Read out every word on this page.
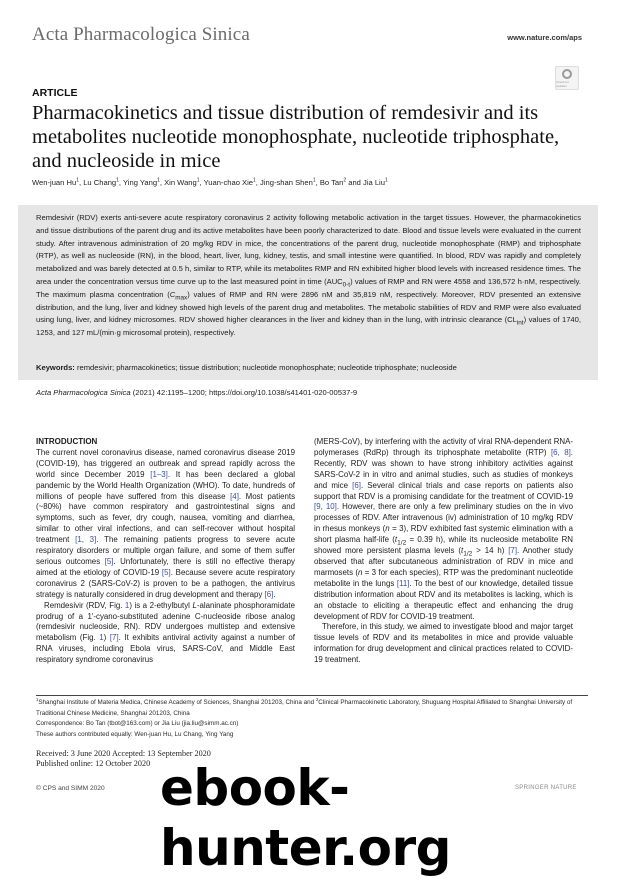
Acta Pharmacologica Sinica	www.nature.com/aps
Check for updates
ARTICLE
Pharmacokinetics and tissue distribution of remdesivir and its metabolites nucleotide monophosphate, nucleotide triphosphate, and nucleoside in mice
Wen-juan Hu$^1$, Lu Chang$^1$, Ying Yang$^1$, Xin Wang$^1$, Yuan-chao Xie$^1$, Jing-shan Shen$^1$, Bo Tan$^2$ and Jia Liu$^1$
Remdesivir (RDV) exerts anti-severe acute respiratory coronavirus 2 activity following metabolic activation in the target tissues. However, the pharmacokinetics and tissue distributions of the parent drug and its active metabolites have been poorly characterized to date. Blood and tissue levels were evaluated in the current study. After intravenous administration of 20 mg/kg RDV in mice, the concentrations of the parent drug, nucleotide monophosphate (RMP) and triphosphate (RTP), as well as nucleoside (RN), in the blood, heart, liver, lung, kidney, testis, and small intestine were quantified. In blood, RDV was rapidly and completely metabolized and was barely detected at 0.5 h, similar to RTP, while its metabolites RMP and RN exhibited higher blood levels with increased residence times. The area under the concentration versus time curve up to the last measured point in time $(AUC_{0-t})$ values of RMP and RN were 4558 and 136,572 h·nM, respectively. The maximum plasma concentration $(C_{max})$ values of RMP and RN were 2896 nM and 35,819 nM, respectively. Moreover, RDV presented an extensive distribution, and the lung, liver and kidney showed high levels of the parent drug and metabolites. The metabolic stabilities of RDV and RMP were also evaluated using lung, liver, and kidney microsomes. RDV showed higher clearances in the liver and kidney than in the lung, with intrinsic clearance $(CL_{int})$ values of 1740, 1253, and 127 mL/(min·g microsomal protein), respectively.
Keywords: remdesivir; pharmacokinetics; tissue distribution; nucleotide monophosphate; nucleotide triphosphate; nucleoside
Acta Pharmacologica Sinica (2021) 42:1195–1200; https://doi.org/10.1038/s41401-020-00537-9
INTRODUCTION

The current novel coronavirus disease, named coronavirus disease 2019 (COVID-19), has triggered an outbreak and spread rapidly across the world since December 2019 [1–3]. It has been declared a global pandemic by the World Health Organization (WHO). To date, hundreds of millions of people have suffered from this disease [4]. Most patients (~80%) have common respiratory and gastrointestinal signs and symptoms, such as fever, dry cough, nausea, vomiting and diarrhea, similar to other viral infections, and can self-recover without hospital treatment [1, 3]. The remaining patients progress to severe acute respiratory disorders or multiple organ failure, and some of them suffer serious outcomes [5]. Unfortunately, there is still no effective therapy aimed at the etiology of COVID-19 [5]. Because severe acute respiratory coronavirus 2 (SARS-CoV-2) is proven to be a pathogen, the antivirus strategy is naturally considered in drug development and therapy [6].

Remdesivir (RDV, Fig. 1) is a 2-ethylbutyl L-alaninate phosphoramidate prodrug of a 1′-cyano-substituted adenine C-nucleoside ribose analog (remdesivir nucleoside, RN). RDV undergoes multistep and extensive metabolism (Fig. 1) [7]. It exhibits antiviral activity against a number of RNA viruses, including Ebola virus, SARS-CoV, and Middle East respiratory syndrome coronavirus

(MERS-CoV), by interfering with the activity of viral RNA-dependent RNA-polymerases (RdRp) through its triphosphate metabolite (RTP) [6, 8]. Recently, RDV was shown to have strong inhibitory activities against SARS-CoV-2 in in vitro and animal studies, such as studies of monkeys and mice [6]. Several clinical trials and case reports on patients also support that RDV is a promising candidate for the treatment of COVID-19 [9, 10]. However, there are only a few preliminary studies on the in vivo processes of RDV. After intravenous (iv) administration of 10 mg/kg RDV in rhesus monkeys (n = 3), RDV exhibited fast systemic elimination with a short plasma half-life ($t_{1/2} = 0.39$ h), while its nucleoside metabolite RN showed more persistent plasma levels ($t_{1/2} > 14$ h) [7]. Another study observed that after subcutaneous administration of RDV in mice and marmosets (n = 3 for each species), RTP was the predominant nucleotide metabolite in the lungs [11]. To the best of our knowledge, detailed tissue distribution information about RDV and its metabolites is lacking, which is an obstacle to eliciting a therapeutic effect and enhancing the drug development of RDV for COVID-19 treatment.

Therefore, in this study, we aimed to investigate blood and major target tissue levels of RDV and its metabolites in mice and provide valuable information for drug development and clinical practices related to COVID-19 treatment.

$^1$Shanghai Institute of Materia Medica, Chinese Academy of Sciences, Shanghai 201203, China and $^2$Clinical Pharmacokinetic Laboratory, Shuguang Hospital Affiliated to Shanghai University of Traditional Chinese Medicine, Shanghai 201203, China
Correspondence: Bo Tan (tbot@163.com) or Jia Liu (jia.liu@simm.ac.cn)
These authors contributed equally: Wen-juan Hu, Lu Chang, Ying Yang
Received: 3 June 2020 Accepted: 13 September 2020
Published online: 12 October 2020
© CPS and SIMM 2020	SPRINGER NATURE
ebook-hunter.org
